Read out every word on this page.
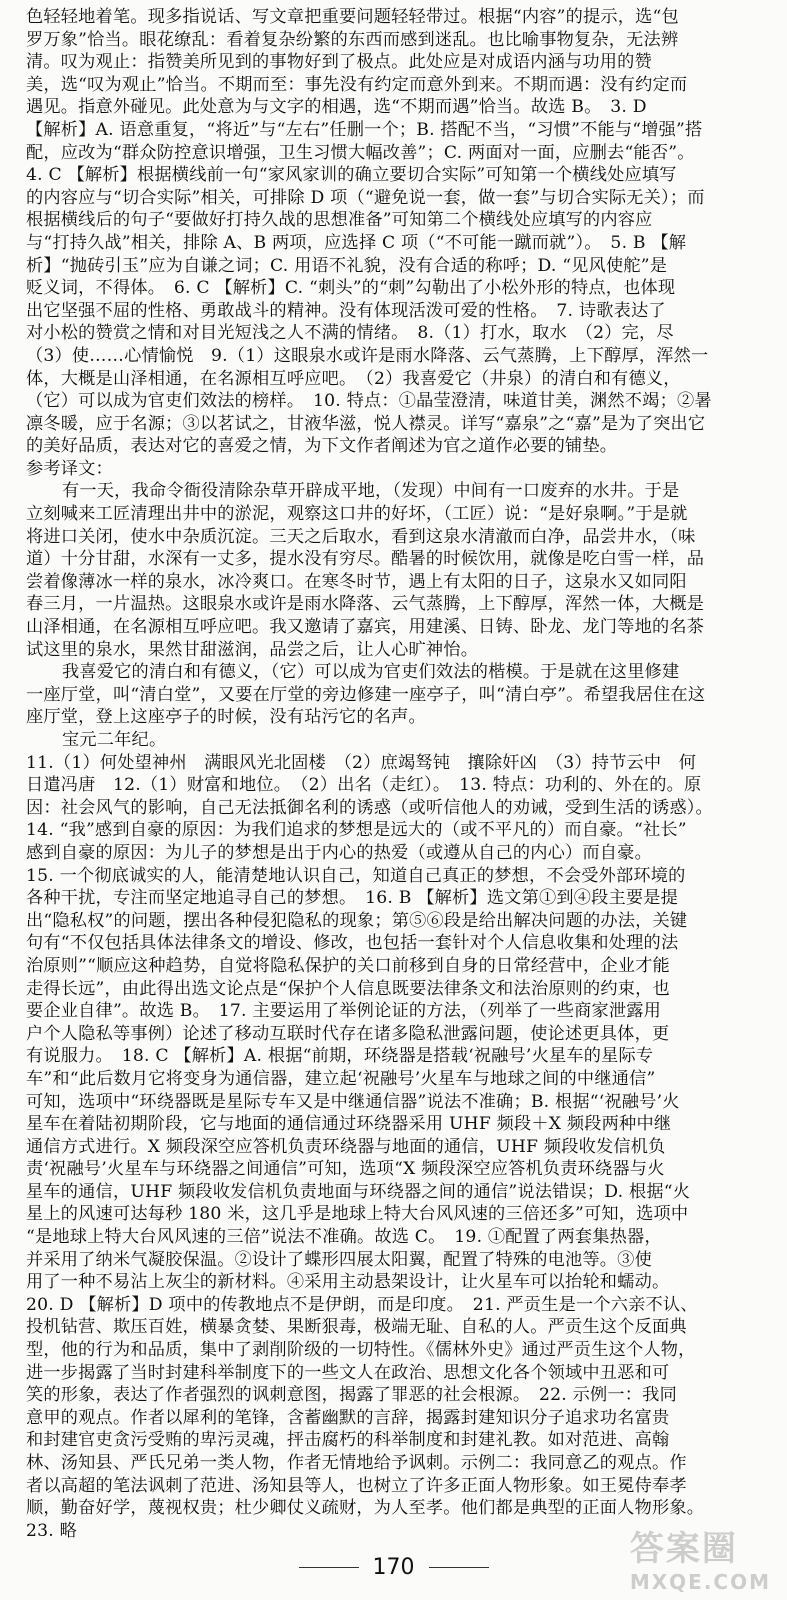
色轻轻地着笔。现多指说话、写文章把重要问题轻轻带过。根据“内容”的提示，选“包
罗万象”恰当。眼花缭乱：看着复杂纷繁的东西而感到迷乱。也比喻事物复杂，无法辨
清。叹为观止：指赞美所见到的事物好到了极点。此处应是对成语内涵与功用的赞
美，选“叹为观止”恰当。不期而至：事先没有约定而意外到来。不期而遇：没有约定而
遇见。指意外碰见。此处意为与文字的相遇，选“不期而遇”恰当。故选 B。　3. D
【解析】A. 语意重复，“将近”与“左右”任删一个；B. 搭配不当，“习惯”不能与“增强”搭
配，应改为“群众防控意识增强，卫生习惯大幅改善”；C. 两面对一面，应删去“能否”。
4. C 【解析】根据横线前一句“家风家训的确立要切合实际”可知第一个横线处应填写
的内容应与“切合实际”相关，可排除 D 项（“避免说一套，做一套”与切合实际无关）；而
根据横线后的句子“要做好打持久战的思想准备”可知第二个横线处应填写的内容应
与“打持久战”相关，排除 A、B 两项，应选择 C 项（“不可能一蹴而就”）。　5. B 【解
析】“抛砖引玉”应为自谦之词；C. 用语不礼貌，没有合适的称呼；D. “见风使舵”是
贬义词，不得体。　6. C 【解析】C. “刺头”的“刺”勾勒出了小松外形的特点，也体现
出它坚强不屈的性格、勇敢战斗的精神。没有体现活泼可爱的性格。　7. 诗歌表达了
对小松的赞赏之情和对目光短浅之人不满的情绪。　8.（1）打水，取水　（2）完，尽
（3）使……心情愉悦　9.（1）这眼泉水或许是雨水降落、云气蒸腾，上下醇厚，浑然一
体，大概是山泽相通，在名源相互呼应吧。　（2）我喜爱它（井泉）的清白和有德义，
（它）可以成为官吏们效法的榜样。　10. 特点：①晶莹澄清，味道甘美，渊然不竭；②暑
凛冬暖，应于名源；③以茗试之，甘液华滋，悦人襟灵。详写“嘉泉”之“嘉”是为了突出它
的美好品质，表达对它的喜爱之情，为下文作者阐述为官之道作必要的铺垫。
参考译文：
有一天，我命令衙役清除杂草开辟成平地，（发现）中间有一口废弃的水井。于是
立刻喊来工匠清理出井中的淤泥，观察这口井的好坏，（工匠）说：“是好泉啊。”于是就
将进口关闭，使水中杂质沉淀。三天之后取水，看到这泉水清澈而白净，品尝井水，（味
道）十分甘甜，水深有一丈多，提水没有穷尽。酷暑的时候饮用，就像是吃白雪一样，品
尝着像薄冰一样的泉水，冰冷爽口。在寒冬时节，遇上有太阳的日子，这泉水又如同阳
春三月，一片温热。这眼泉水或许是雨水降落、云气蒸腾，上下醇厚，浑然一体，大概是
山泽相通，在名源相互呼应吧。我又邀请了嘉宾，用建溪、日铸、卧龙、龙门等地的名茶
试这里的泉水，果然甘甜滋润，品尝之后，让人心旷神怡。
我喜爱它的清白和有德义，（它）可以成为官吏们效法的楷模。于是就在这里修建
一座厅堂，叫“清白堂”，又要在厅堂的旁边修建一座亭子，叫“清白亭”。希望我居住在这
座厅堂，登上这座亭子的时候，没有玷污它的名声。
宝元二年纪。
11.（1）何处望神州　满眼风光北固楼　（2）庶竭驽钝　攘除奸凶　（3）持节云中　何
日遣冯唐　12.（1）财富和地位。　（2）出名（走红）。　13. 特点：功利的、外在的。原
因：社会风气的影响，自己无法抵御名利的诱惑（或听信他人的劝诫，受到生活的诱惑）。
14. “我”感到自豪的原因：为我们追求的梦想是远大的（或不平凡的）而自豪。“社长”
感到自豪的原因：为儿子的梦想是出于内心的热爱（或遵从自己的内心）而自豪。
15. 一个彻底诚实的人，能清楚地认识自己，知道自己真正的梦想，不会受外部环境的
各种干扰，专注而坚定地追寻自己的梦想。　16. B 【解析】选文第①到④段主要是提
出“隐私权”的问题，摆出各种侵犯隐私的现象；第⑤⑥段是给出解决问题的办法，关键
句有“不仅包括具体法律条文的增设、修改，也包括一套针对个人信息收集和处理的法
治原则”“顺应这种趋势，自觉将隐私保护的关口前移到自身的日常经营中，企业才能
走得长远”，由此得出选文论点是“保护个人信息既要法律条文和法治原则的约束，也
要企业自律”。故选 B。　17. 主要运用了举例论证的方法，（列举了一些商家泄露用
户个人隐私等事例）论述了移动互联时代存在诸多隐私泄露问题，使论述更具体，更
有说服力。　18. C 【解析】A. 根据“前期，环绕器是搭载‘祝融号’火星车的星际专
车”和“此后数月它将变身为通信器，建立起‘祝融号’火星车与地球之间的中继通信”
可知，选项中“环绕器既是星际专车又是中继通信器”说法不准确；B. 根据“‘祝融号’火
星车在着陆初期阶段，它与地面的通信通过环绕器采用 UHF 频段＋X 频段两种中继
通信方式进行。X 频段深空应答机负责环绕器与地面的通信，UHF 频段收发信机负
责‘祝融号’火星车与环绕器之间通信”可知，选项“X 频段深空应答机负责环绕器与火
星车的通信，UHF 频段收发信机负责地面与环绕器之间的通信”说法错误；D. 根据“火
星上的风速可达每秒 180 米，这几乎是地球上特大台风风速的三倍还多”可知，选项中
“是地球上特大台风风速的三倍”说法不准确。故选 C。　19. ①配置了两套集热器，
并采用了纳米气凝胶保温。②设计了蝶形四展太阳翼，配置了特殊的电池等。③使
用了一种不易沾上灰尘的新材料。④采用主动悬架设计，让火星车可以抬轮和蠕动。
20. D 【解析】D 项中的传教地点不是伊朗，而是印度。　21. 严贡生是一个六亲不认、
投机钻营、欺压百姓，横暴贪婪、果断狠毒，极端无耻、自私的人。严贡生这个反面典
型，他的行为和品质，集中了剥削阶级的一切特性。《儒林外史》通过严贡生这个人物，
进一步揭露了当时封建科举制度下的一些文人在政治、思想文化各个领域中丑恶和可
笑的形象，表达了作者强烈的讽刺意图，揭露了罪恶的社会根源。　22. 示例一：我同
意甲的观点。作者以犀利的笔锋，含蓄幽默的言辞，揭露封建知识分子追求功名富贵
和封建官吏贪污受贿的卑污灵魂，抨击腐朽的科举制度和封建礼教。如对范进、高翰
林、汤知县、严氏兄弟一类人物，作者无情地给予讽刺。示例二：我同意乙的观点。作
者以高超的笔法讽刺了范进、汤知县等人，也树立了许多正面人物形象。如王冕侍奉孝
顺，勤奋好学，蔑视权贵；杜少卿仗义疏财，为人至孝。他们都是典型的正面人物形象。
23. 略
170	答案圈
MXQE.COM
